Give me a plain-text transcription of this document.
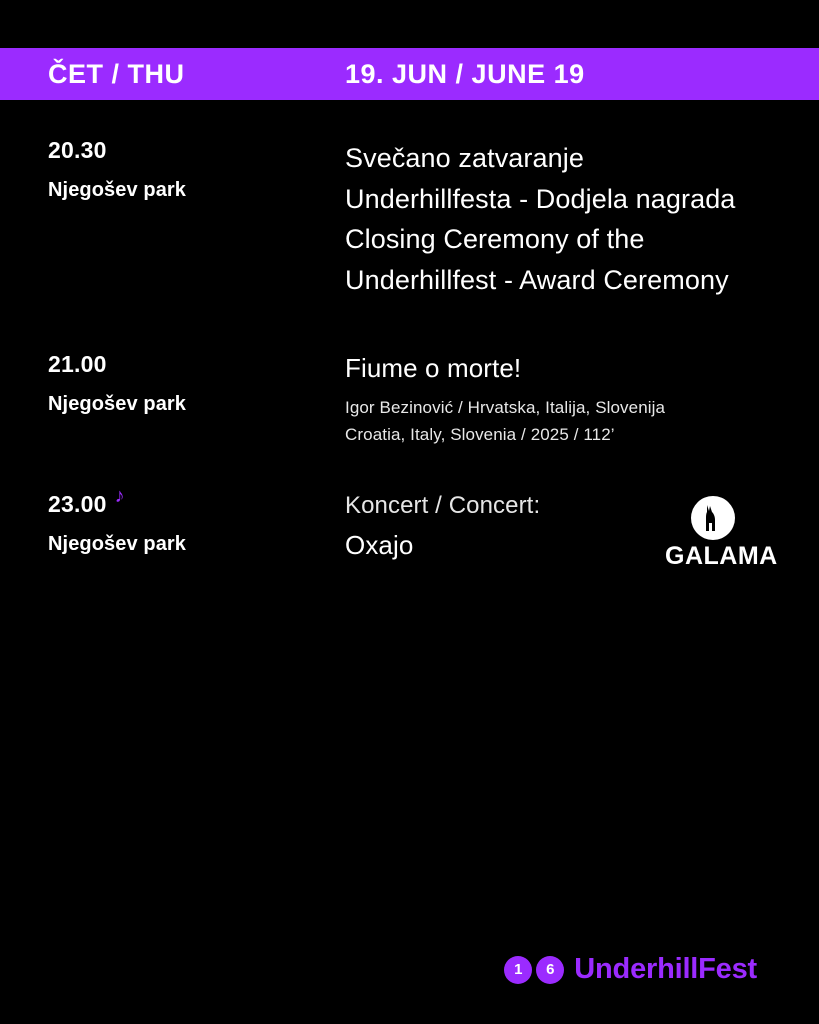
ČET / THU	19. JUN / JUNE 19
20.30
Njegošev park
Svečano zatvaranje
Underhillfesta - Dodjela nagrada
Closing Ceremony of the
Underhillfest - Award Ceremony
21.00
Njegošev park
Fiume o morte!
Igor Bezinović / Hrvatska, Italija, Slovenija
Croatia, Italy, Slovenia / 2025 / 112’
23.00 ♪
Njegošev park
Koncert / Concert:
Oxajo	GALAMA
1	6 UnderhillFest
